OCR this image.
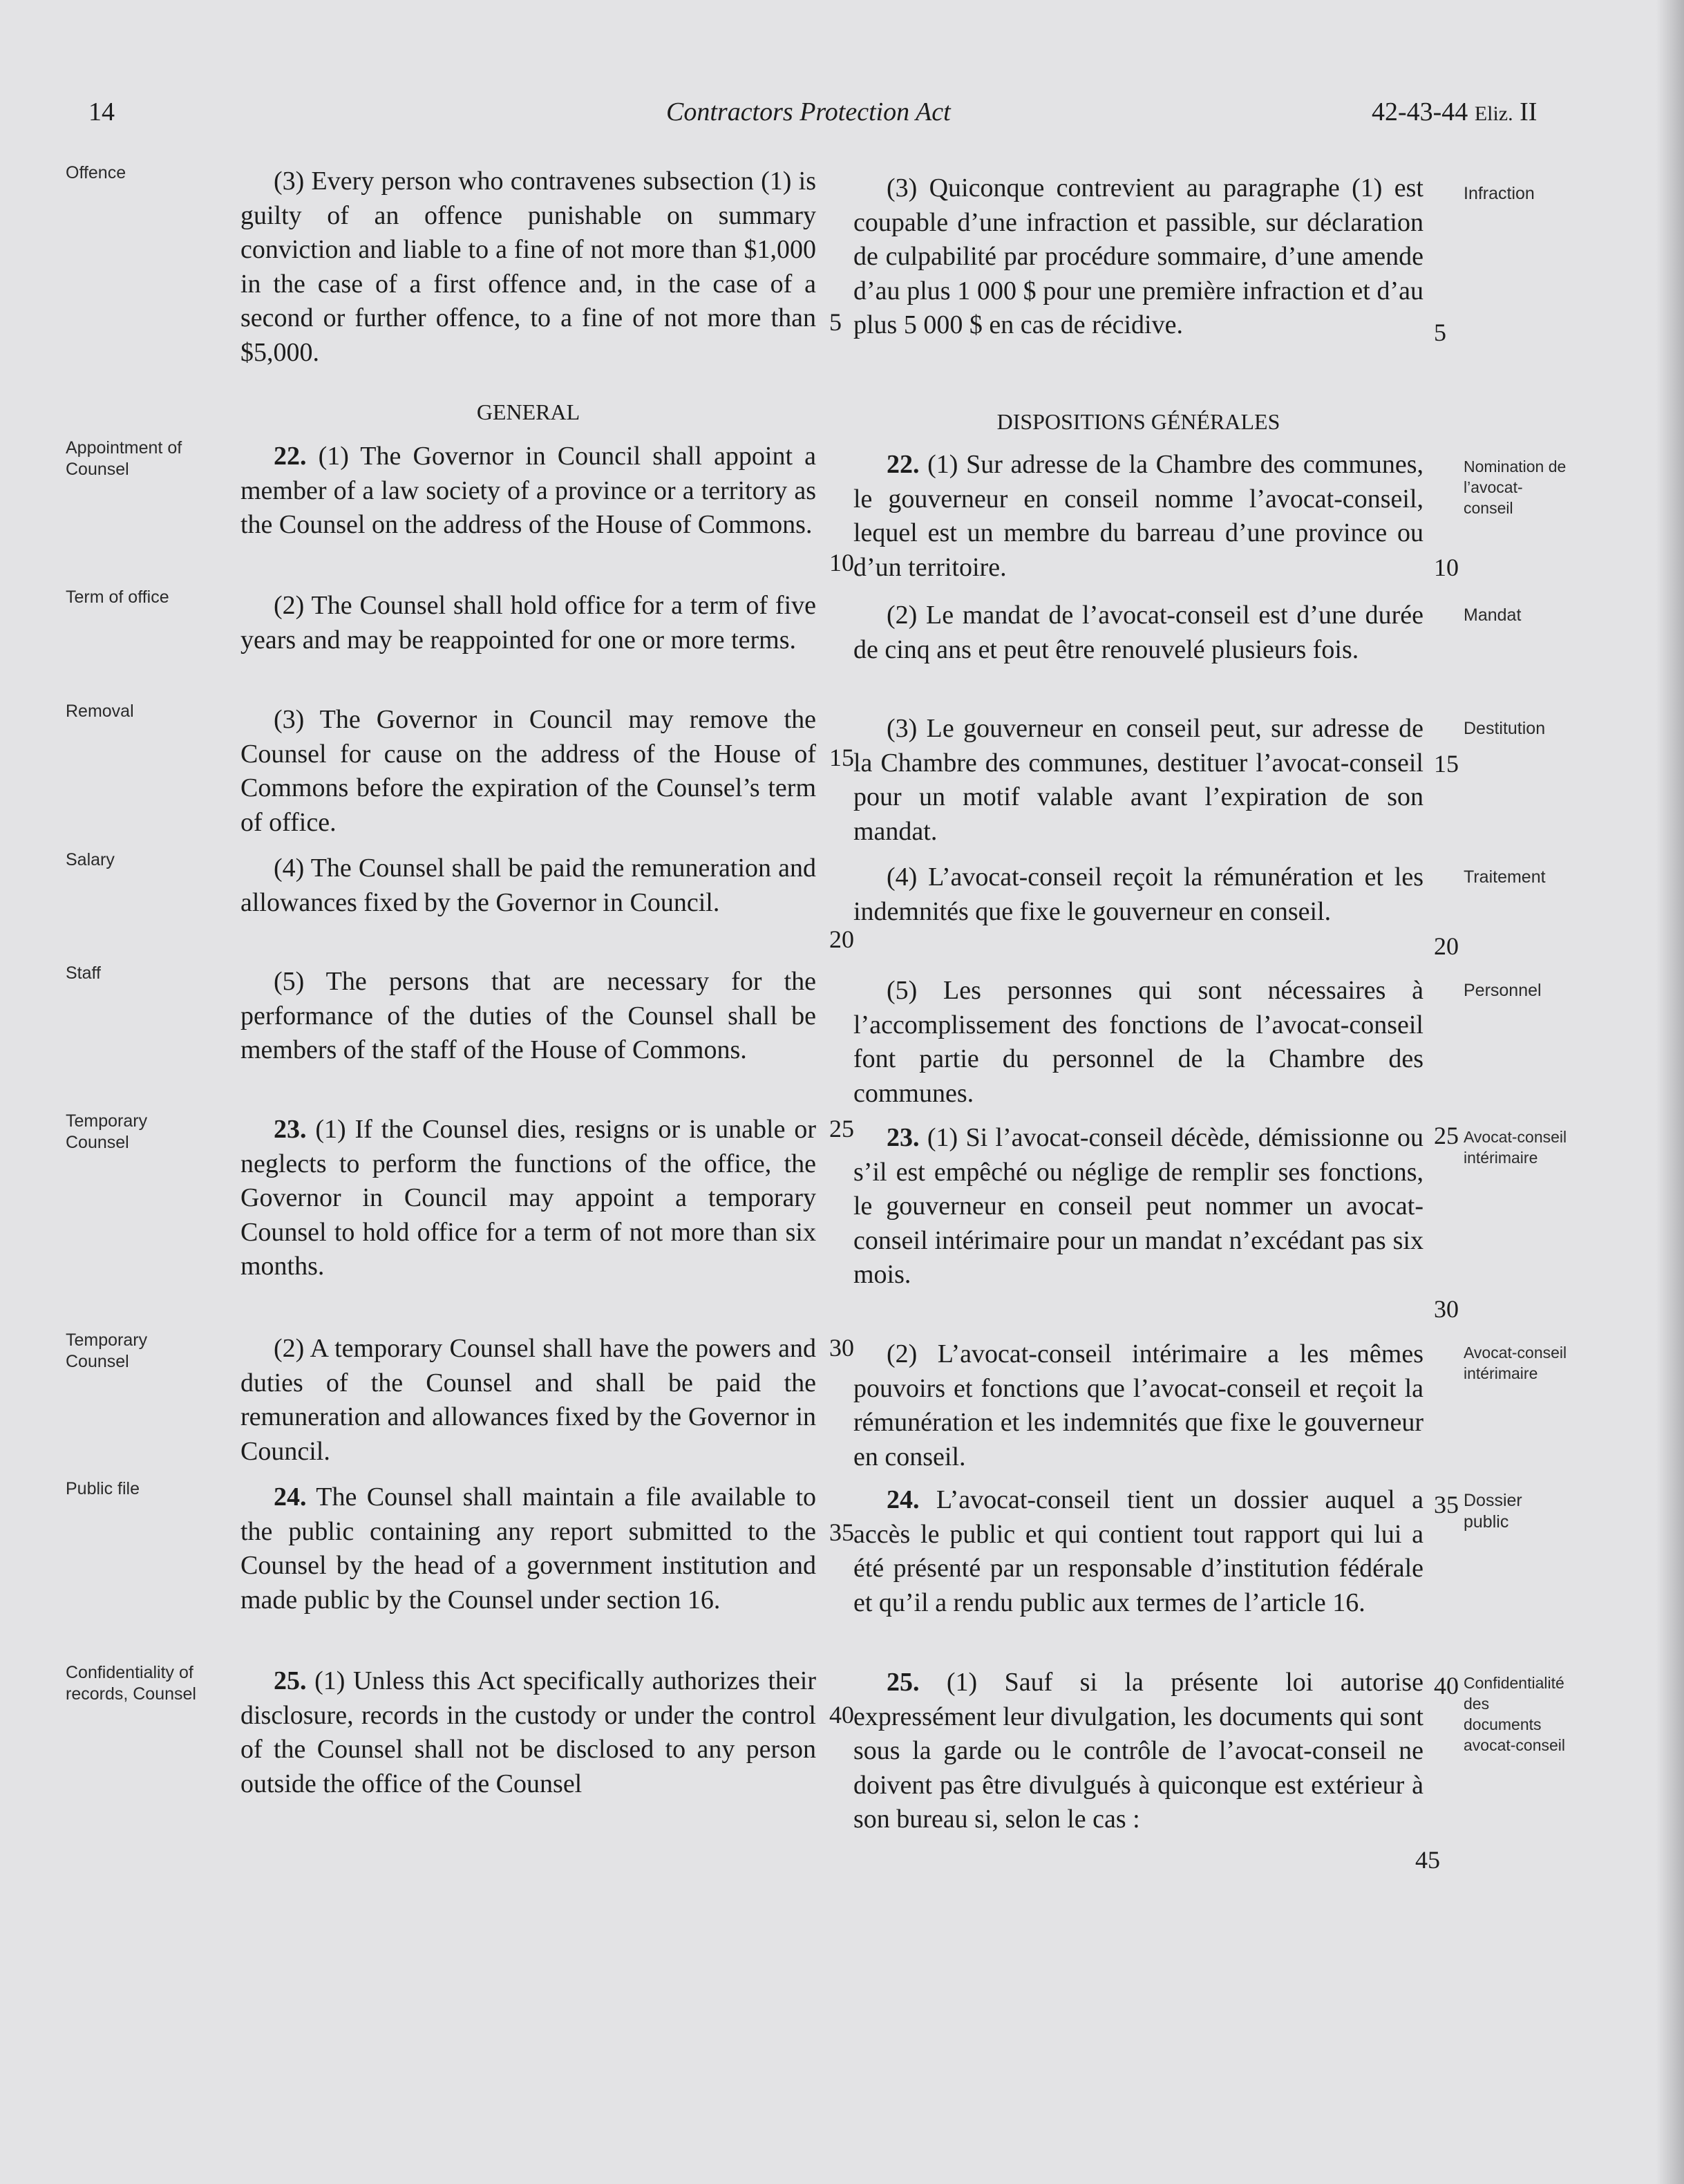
14	Contractors Protection Act	42-43-44 Eliz. II
Offence
Appointment of Counsel
Term of office
Removal
Salary
Staff
Temporary Counsel
Temporary Counsel
Public file
Confidentiality of records, Counsel
Infraction
Nomination de l’avocat-conseil
Mandat
Destitution
Traitement
Personnel
Avocat-conseil intérimaire
Avocat-conseil intérimaire
Dossier public
Confidentialité des documents avocat-conseil

(3) Every person who contravenes subsection (1) is guilty of an offence punishable on summary conviction and liable to a fine of not more than $1,000 in the case of a first offence and, in the case of a second or further offence, to a fine of not more than $5,000.

GENERAL

22. (1) The Governor in Council shall appoint a member of a law society of a province or a territory as the Counsel on the address of the House of Commons.

(2) The Counsel shall hold office for a term of five years and may be reappointed for one or more terms.

(3) The Governor in Council may remove the Counsel for cause on the address of the House of Commons before the expiration of the Counsel’s term of office.

(4) The Counsel shall be paid the remuneration and allowances fixed by the Governor in Council.

(5) The persons that are necessary for the performance of the duties of the Counsel shall be members of the staff of the House of Commons.

23. (1) If the Counsel dies, resigns or is unable or neglects to perform the functions of the office, the Governor in Council may appoint a temporary Counsel to hold office for a term of not more than six months.

(2) A temporary Counsel shall have the powers and duties of the Counsel and shall be paid the remuneration and allowances fixed by the Governor in Council.

24. The Counsel shall maintain a file available to the public containing any report submitted to the Counsel by the head of a government institution and made public by the Counsel under section 16.

25. (1) Unless this Act specifically authorizes their disclosure, records in the custody or under the control of the Counsel shall not be disclosed to any person outside the office of the Counsel

(3) Quiconque contrevient au paragraphe (1) est coupable d’une infraction et passible, sur déclaration de culpabilité par procédure sommaire, d’une amende d’au plus 1 000 $ pour une première infraction et d’au plus 5 000 $ en cas de récidive.

DISPOSITIONS GÉNÉRALES

22. (1) Sur adresse de la Chambre des communes, le gouverneur en conseil nomme l’avocat-conseil, lequel est un membre du barreau d’une province ou d’un territoire.

(2) Le mandat de l’avocat-conseil est d’une durée de cinq ans et peut être renouvelé plusieurs fois.

(3) Le gouverneur en conseil peut, sur adresse de la Chambre des communes, destituer l’avocat-conseil pour un motif valable avant l’expiration de son mandat.

(4) L’avocat-conseil reçoit la rémunération et les indemnités que fixe le gouverneur en conseil.

(5) Les personnes qui sont nécessaires à l’accomplissement des fonctions de l’avocat-conseil font partie du personnel de la Chambre des communes.

23. (1) Si l’avocat-conseil décède, démissionne ou s’il est empêché ou néglige de remplir ses fonctions, le gouverneur en conseil peut nommer un avocat-conseil intérimaire pour un mandat n’excédant pas six mois.

(2) L’avocat-conseil intérimaire a les mêmes pouvoirs et fonctions que l’avocat-conseil et reçoit la rémunération et les indemnités que fixe le gouverneur en conseil.

24. L’avocat-conseil tient un dossier auquel a accès le public et qui contient tout rapport qui lui a été présenté par un responsable d’institution fédérale et qu’il a rendu public aux termes de l’article 16.

25. (1) Sauf si la présente loi autorise expressément leur divulgation, les documents qui sont sous la garde ou le contrôle de l’avocat-conseil ne doivent pas être divulgués à quiconque est extérieur à son bureau si, selon le cas :

5
10
15
20
25
30
35
40
5
10
15
20
25
30
35
40
45
